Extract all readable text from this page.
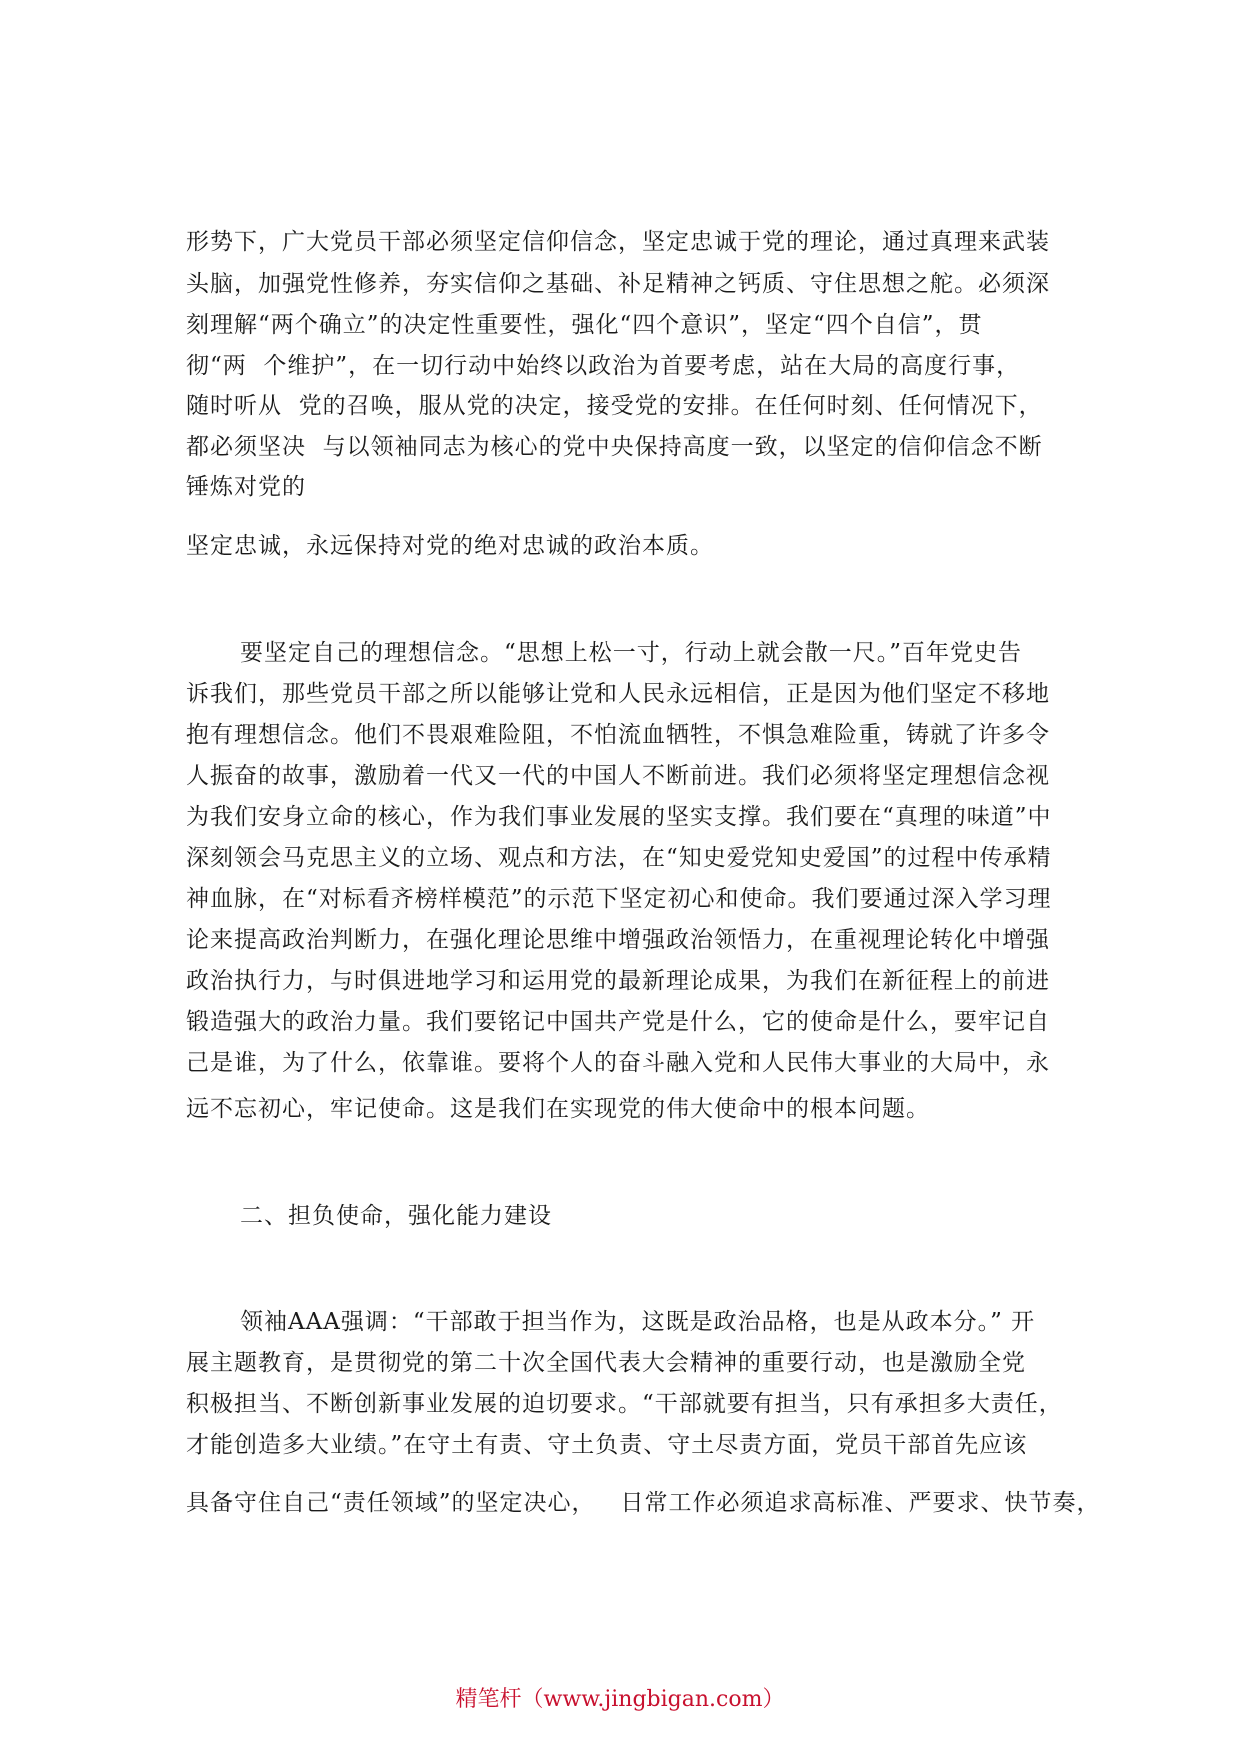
形势下，广大党员干部必须坚定信仰信念，坚定忠诚于党的理论，通过真理来武装
头脑，加强党性修养，夯实信仰之基础、补足精神之钙质、守住思想之舵。必须深
刻理解“两个确立”的决定性重要性，强化“四个意识”，坚定“四个自信”，贯
彻“两  个维护”，在一切行动中始终以政治为首要考虑，站在大局的高度行事，
随时听从  党的召唤，服从党的决定，接受党的安排。在任何时刻、任何情况下，
都必须坚决  与以领袖同志为核心的党中央保持高度一致，以坚定的信仰信念不断
锤炼对党的
坚定忠诚，永远保持对党的绝对忠诚的政治本质。
要坚定自己的理想信念。“思想上松一寸，行动上就会散一尺。”百年党史告
诉我们，那些党员干部之所以能够让党和人民永远相信，正是因为他们坚定不移地
抱有理想信念。他们不畏艰难险阻，不怕流血牺牲，不惧急难险重，铸就了许多令
人振奋的故事，激励着一代又一代的中国人不断前进。我们必须将坚定理想信念视
为我们安身立命的核心，作为我们事业发展的坚实支撑。我们要在“真理的味道”中
深刻领会马克思主义的立场、观点和方法，在“知史爱党知史爱国”的过程中传承精
神血脉，在“对标看齐榜样模范”的示范下坚定初心和使命。我们要通过深入学习理
论来提高政治判断力，在强化理论思维中增强政治领悟力，在重视理论转化中增强
政治执行力，与时俱进地学习和运用党的最新理论成果，为我们在新征程上的前进
锻造强大的政治力量。我们要铭记中国共产党是什么，它的使命是什么，要牢记自
己是谁，为了什么，依靠谁。要将个人的奋斗融入党和人民伟大事业的大局中，永
远不忘初心，牢记使命。这是我们在实现党的伟大使命中的根本问题。
二、担负使命，强化能力建设
领袖AAA强调：“干部敢于担当作为，这既是政治品格，也是从政本分。” 开
展主题教育，是贯彻党的第二十次全国代表大会精神的重要行动，也是激励全党
积极担当、不断创新事业发展的迫切要求。“干部就要有担当，只有承担多大责任，
才能创造多大业绩。”在守土有责、守土负责、守土尽责方面，党员干部首先应该
具备守住自己“责任领域”的坚定决心，   日常工作必须追求高标准、严要求、快节奏，
精笔杆（www.jingbigan.com）
